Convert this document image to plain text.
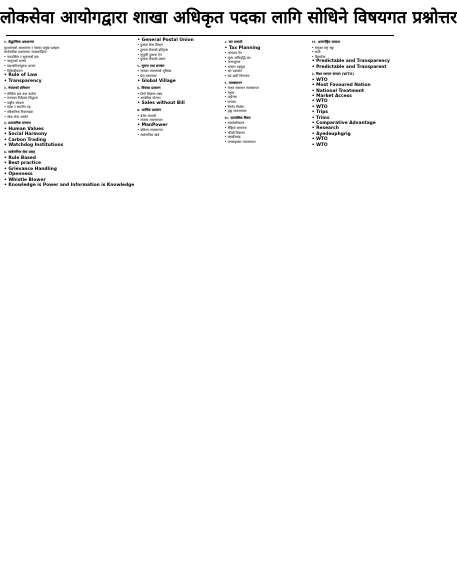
लोकसेवा आयोगद्वारा शाखा अधिकृत पदका लागि सोधिने विषयगत प्रश्नोत्तर
१. सैद्धान्तिक अवधारणा
सुशासनको अवधारणा र यसका प्रमुख पक्षहरू
सार्वजनिक प्रशासनमा जवाफदेहिता
• पारदर्शिता र सूचनाको हक
• कानुनको शासन
• सहभागितामूलक शासन
• विकेन्द्रीकरण
• Rule of Law
• Transparency
२. नेपालको संविधान
• मौलिक हक तथा कर्तव्य
• राज्यका निर्देशक सिद्धान्त
• सङ्घीय संरचना
• प्रदेश र स्थानीय तह
• संवैधानिक निकायहरू
• लोक सेवा आयोग
३. प्रशासनिक संरचना
• Human Values
• Social Harmony
• Carbon Trading
• Watchdog Institutions
४. सार्वजनिक सेवा प्रवाह
• Rule Based
• Best practice
• Grievance Handling
• Openness
• Whistle Blower
• Knowledge is Power and Information is Knowledge
• General Postal Union
• हुलाक सेवा विभाग
• हुलाक सेवाको इतिहास
• मुलुकी हुलाक ऐन
• हुलाक सेवाको प्रकार
५. सूचना तथा सञ्चार
• सञ्चार माध्यमको भूमिका
• प्रेस स्वतन्त्रता
• Global Village
६. विकास प्रशासन
• दिगो विकास लक्ष्य
• आवधिक योजना
• Sales without Bill
७. आर्थिक प्रशासन
• बजेट प्रणाली
• राजस्व व्यवस्थापन
• ManPower
• प्रक्रिया व्यवस्थापन
• सार्वजनिक खर्च
८. कर प्रणाली
• Tax Planning
• आयकर ऐन
• मूल्य अभिवृद्धि कर
• अन्तःशुल्क
• भन्सार महसुल
• कर प्रशासन
• कर छली नियन्त्रण
९. व्यवस्थापन
• मानव संसाधन व्यवस्थापन
• नेतृत्व
• उत्प्रेरणा
• सञ्चार
• निर्णय निर्माण
• द्वन्द्व व्यवस्थापन
१०. सामाजिक विषय
• समावेशीकरण
• लैङ्गिक समानता
• गरिबी निवारण
• बसाइँसराइ
• जनसङ्ख्या व्यवस्थापन
११. अन्तर्राष्ट्रिय सम्बन्ध
• संयुक्त राष्ट्र सङ्घ
• सार्क
• बिमस्टेक
• Predictable and Transparency
• Predictable and Transparent
२. विश्व व्यापार संगठन (WTO)
• WTO
• Most Favoured Nation
• National Treatment
• Market Access
• WTO
• WTO
• Trips
• Trims
• Comparative Advantage
• Research
• Ayedeuphgrig
• WTO
• WTO
